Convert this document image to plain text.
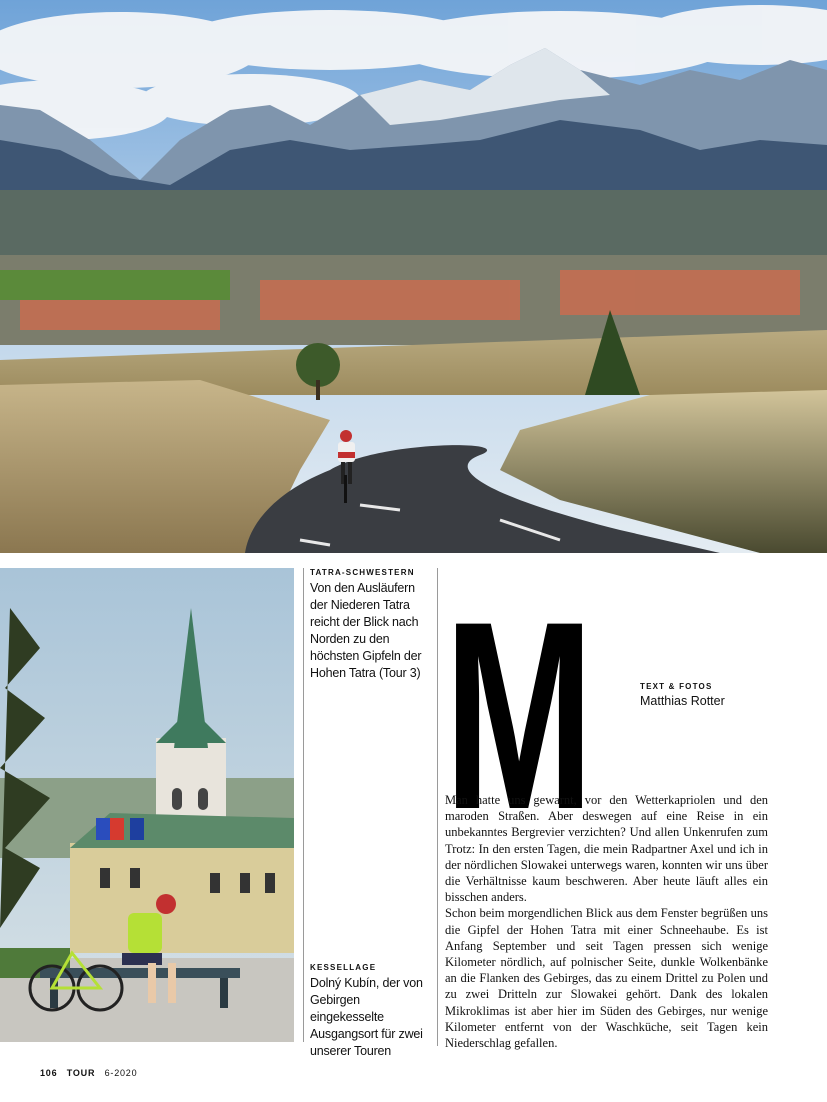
TATRA-SCHWESTERN
Von den Ausläufern der Niederen Tatra reicht der Blick nach Norden zu den höchsten Gipfeln der Hohen Tatra (Tour 3)
KESSELLAGE
Dolný Kubín, der von Gebirgen eingekesselte Ausgangsort für zwei unserer Touren
M	TEXT & FOTOS
Matthias Rotter

Man hatte uns gewarnt, vor den Wetterkapriolen und den maroden Straßen. Aber deswegen auf eine Reise in ein unbekanntes Bergrevier verzichten? Und allen Unkenrufen zum Trotz: In den ersten Tagen, die mein Radpartner Axel und ich in der nördlichen Slowakei unterwegs waren, konnten wir uns über die Verhältnisse kaum beschweren. Aber heute läuft alles ein bisschen anders.

Schon beim morgendlichen Blick aus dem Fenster begrüßen uns die Gipfel der Hohen Tatra mit einer Schneehaube. Es ist Anfang September und seit Tagen pressen sich wenige Kilometer nördlich, auf polnischer Seite, dunkle Wolkenbänke an die Flanken des Gebirges, das zu einem Drittel zu Polen und zu zwei Dritteln zur Slowakei gehört. Dank des lokalen Mikroklimas ist aber hier im Süden des Gebirges, nur wenige Kilometer entfernt von der Waschküche, seit Tagen kein Niederschlag gefallen.

106 TOUR 6-2020
